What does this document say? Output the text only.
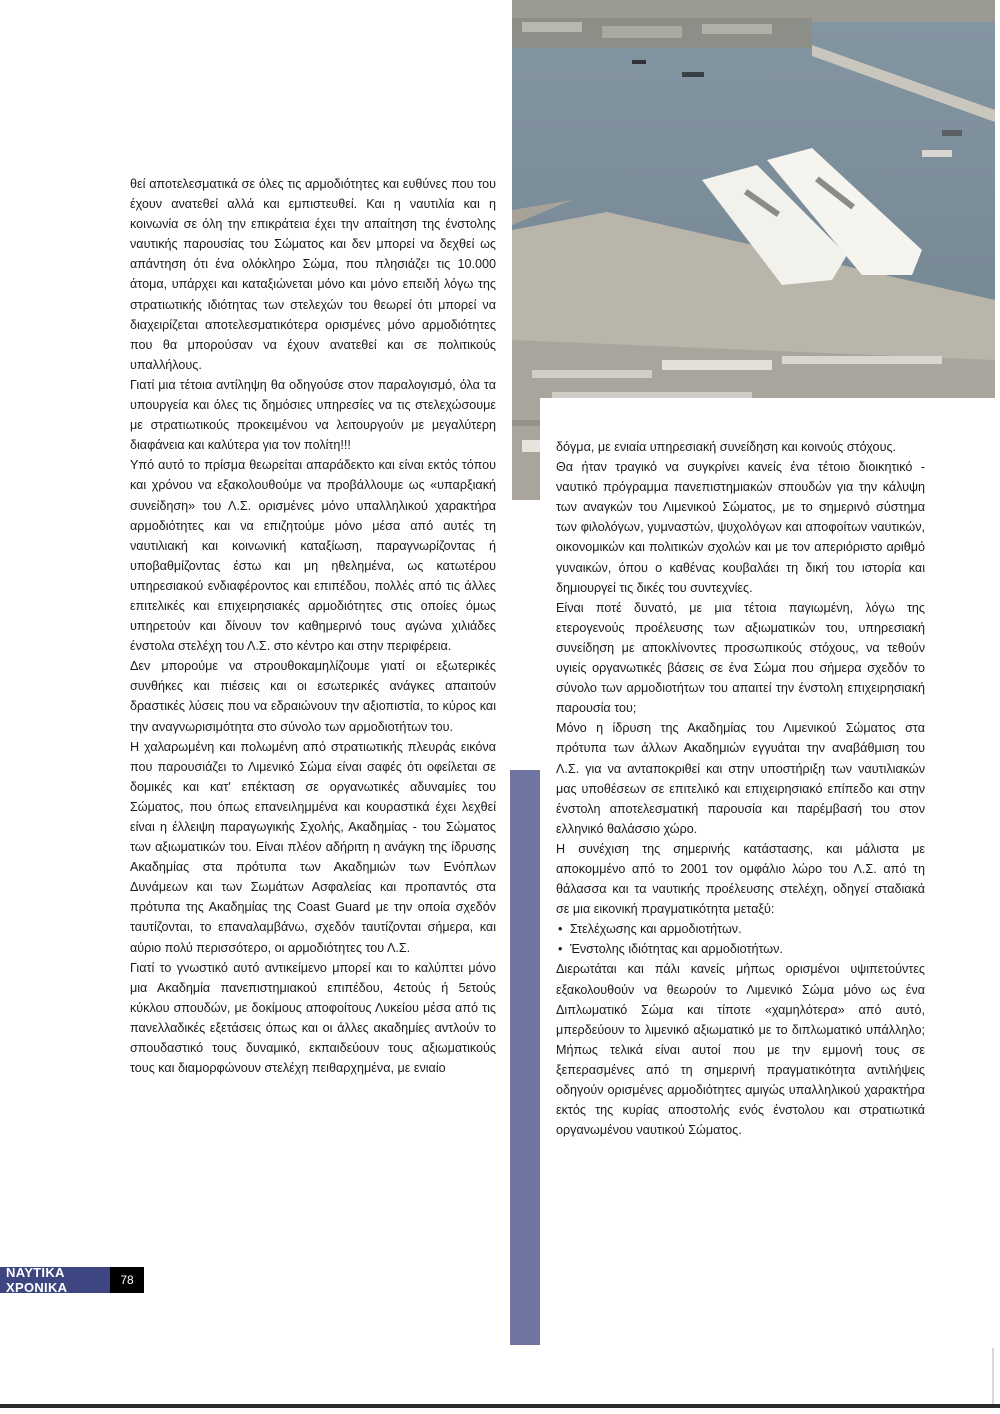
θεί αποτελεσματικά σε όλες τις αρμοδιότητες και ευθύνες που του έχουν ανατεθεί αλλά και εμπιστευθεί. Και η ναυτιλία και η κοινωνία σε όλη την επικράτεια έχει την απαίτηση της ένστολης ναυτικής παρουσίας του Σώματος και δεν μπορεί να δεχθεί ως απάντηση ότι ένα ολόκληρο Σώμα, που πλησιάζει τις 10.000 άτομα, υπάρχει και καταξιώνεται μόνο και μόνο επειδή λόγω της στρατιωτικής ιδιότητας των στελεχών του θεωρεί ότι μπορεί να διαχειρίζεται αποτελεσματικότερα ορισμένες μόνο αρμοδιότητες που θα μπορούσαν να έχουν ανατεθεί και σε πολιτικούς υπαλλήλους.

Γιατί μια τέτοια αντίληψη θα οδηγούσε στον παραλογισμό, όλα τα υπουργεία και όλες τις δημόσιες υπηρεσίες να τις στελεχώσουμε με στρατιωτικούς προκειμένου να λειτουργούν με μεγαλύτερη διαφάνεια και καλύτερα για τον πολίτη!!!

Υπό αυτό το πρίσμα θεωρείται απαράδεκτο και είναι εκτός τόπου και χρόνου να εξακολουθούμε να προβάλλουμε ως «υπαρξιακή συνείδηση» του Λ.Σ. ορισμένες μόνο υπαλληλικού χαρακτήρα αρμοδιότητες και να επιζητούμε μόνο μέσα από αυτές τη ναυτιλιακή και κοινωνική καταξίωση, παραγνωρίζοντας ή υποβαθμίζοντας έστω και μη ηθελημένα, ως κατωτέρου υπηρεσιακού ενδιαφέροντος και επιπέδου, πολλές από τις άλλες επιτελικές και επιχειρησιακές αρμοδιότητες στις οποίες όμως υπηρετούν και δίνουν τον καθημερινό τους αγώνα χιλιάδες ένστολα στελέχη του Λ.Σ. στο κέντρο και στην περιφέρεια.

Δεν μπορούμε να στρουθοκαμηλίζουμε γιατί οι εξωτερικές συνθήκες και πιέσεις και οι εσωτερικές ανάγκες απαιτούν δραστικές λύσεις που να εδραιώνουν την αξιοπιστία, το κύρος και την αναγνωρισιμότητα στο σύνολο των αρμοδιοτήτων του.

Η χαλαρωμένη και πολωμένη από στρατιωτικής πλευράς εικόνα που παρουσιάζει το Λιμενικό Σώμα είναι σαφές ότι οφείλεται σε δομικές και κατ' επέκταση σε οργανωτικές αδυναμίες του Σώματος, που όπως επανειλημμένα και κουραστικά έχει λεχθεί είναι η έλλειψη παραγωγικής Σχολής, Ακαδημίας - του Σώματος των αξιωματικών του. Είναι πλέον αδήριτη η ανάγκη της ίδρυσης Ακαδημίας στα πρότυπα των Ακαδημιών των Ενόπλων Δυνάμεων και των Σωμάτων Ασφαλείας και προπαντός στα πρότυπα της Ακαδημίας της Coast Guard με την οποία σχεδόν ταυτίζονται, το επαναλαμβάνω, σχεδόν ταυτίζονται σήμερα, και αύριο πολύ περισσότερο, οι αρμοδιότητες του Λ.Σ.

Γιατί το γνωστικό αυτό αντικείμενο μπορεί και το καλύπτει μόνο μια Ακαδημία πανεπιστημιακού επιπέδου, 4ετούς ή 5ετούς κύκλου σπουδών, με δοκίμους αποφοίτους Λυκείου μέσα από τις πανελλαδικές εξετάσεις όπως και οι άλλες ακαδημίες αντλούν το σπουδαστικό τους δυναμικό, εκπαιδεύουν τους αξιωματικούς τους και διαμορφώνουν στελέχη πειθαρχημένα, με ενιαίο

δόγμα, με ενιαία υπηρεσιακή συνείδηση και κοινούς στόχους.

Θα ήταν τραγικό να συγκρίνει κανείς ένα τέτοιο διοικητικό - ναυτικό πρόγραμμα πανεπιστημιακών σπουδών για την κάλυψη των αναγκών του Λιμενικού Σώματος, με το σημερινό σύστημα των φιλολόγων, γυμναστών, ψυχολόγων και αποφοίτων ναυτικών, οικονομικών και πολιτικών σχολών και με τον απεριόριστο αριθμό γυναικών, όπου ο καθένας κουβαλάει τη δική του ιστορία και δημιουργεί τις δικές του συντεχνίες.

Είναι ποτέ δυνατό, με μια τέτοια παγιωμένη, λόγω της ετερογενούς προέλευσης των αξιωματικών του, υπηρεσιακή συνείδηση με αποκλίνοντες προσωπικούς στόχους, να τεθούν υγιείς οργανωτικές βάσεις σε ένα Σώμα που σήμερα σχεδόν το σύνολο των αρμοδιοτήτων του απαιτεί την ένστολη επιχειρησιακή παρουσία του;

Μόνο η ίδρυση της Ακαδημίας του Λιμενικού Σώματος στα πρότυπα των άλλων Ακαδημιών εγγυάται την αναβάθμιση του Λ.Σ. για να ανταποκριθεί και στην υποστήριξη των ναυτιλιακών μας υποθέσεων σε επιτελικό και επιχειρησιακό επίπεδο και στην ένστολη αποτελεσματική παρουσία και παρέμβασή του στον ελληνικό θαλάσσιο χώρο.

Η συνέχιση της σημερινής κατάστασης, και μάλιστα με αποκομμένο από το 2001 τον ομφάλιο λώρο του Λ.Σ. από τη θάλασσα και τα ναυτικής προέλευσης στελέχη, οδηγεί σταδιακά σε μια εικονική πραγματικότητα μεταξύ:

• Στελέχωσης και αρμοδιοτήτων.
• Ένστολης ιδιότητας και αρμοδιοτήτων.

Διερωτάται και πάλι κανείς μήπως ορισμένοι υψιπετούντες εξακολουθούν να θεωρούν το Λιμενικό Σώμα μόνο ως ένα Διπλωματικό Σώμα και τίποτε «χαμηλότερα» από αυτό, μπερδεύουν το λιμενικό αξιωματικό με το διπλωματικό υπάλληλο; Μήπως τελικά είναι αυτοί που με την εμμονή τους σε ξεπερασμένες από τη σημερινή πραγματικότητα αντιλήψεις οδηγούν ορισμένες αρμοδιότητες αμιγώς υπαλληλικού χαρακτήρα εκτός της κυρίας αποστολής ενός ένστολου και στρατιωτικά οργανωμένου ναυτικού Σώματος.

ΝΑΥΤΙΚΑ ΧΡΟΝΙΚΑ	78
